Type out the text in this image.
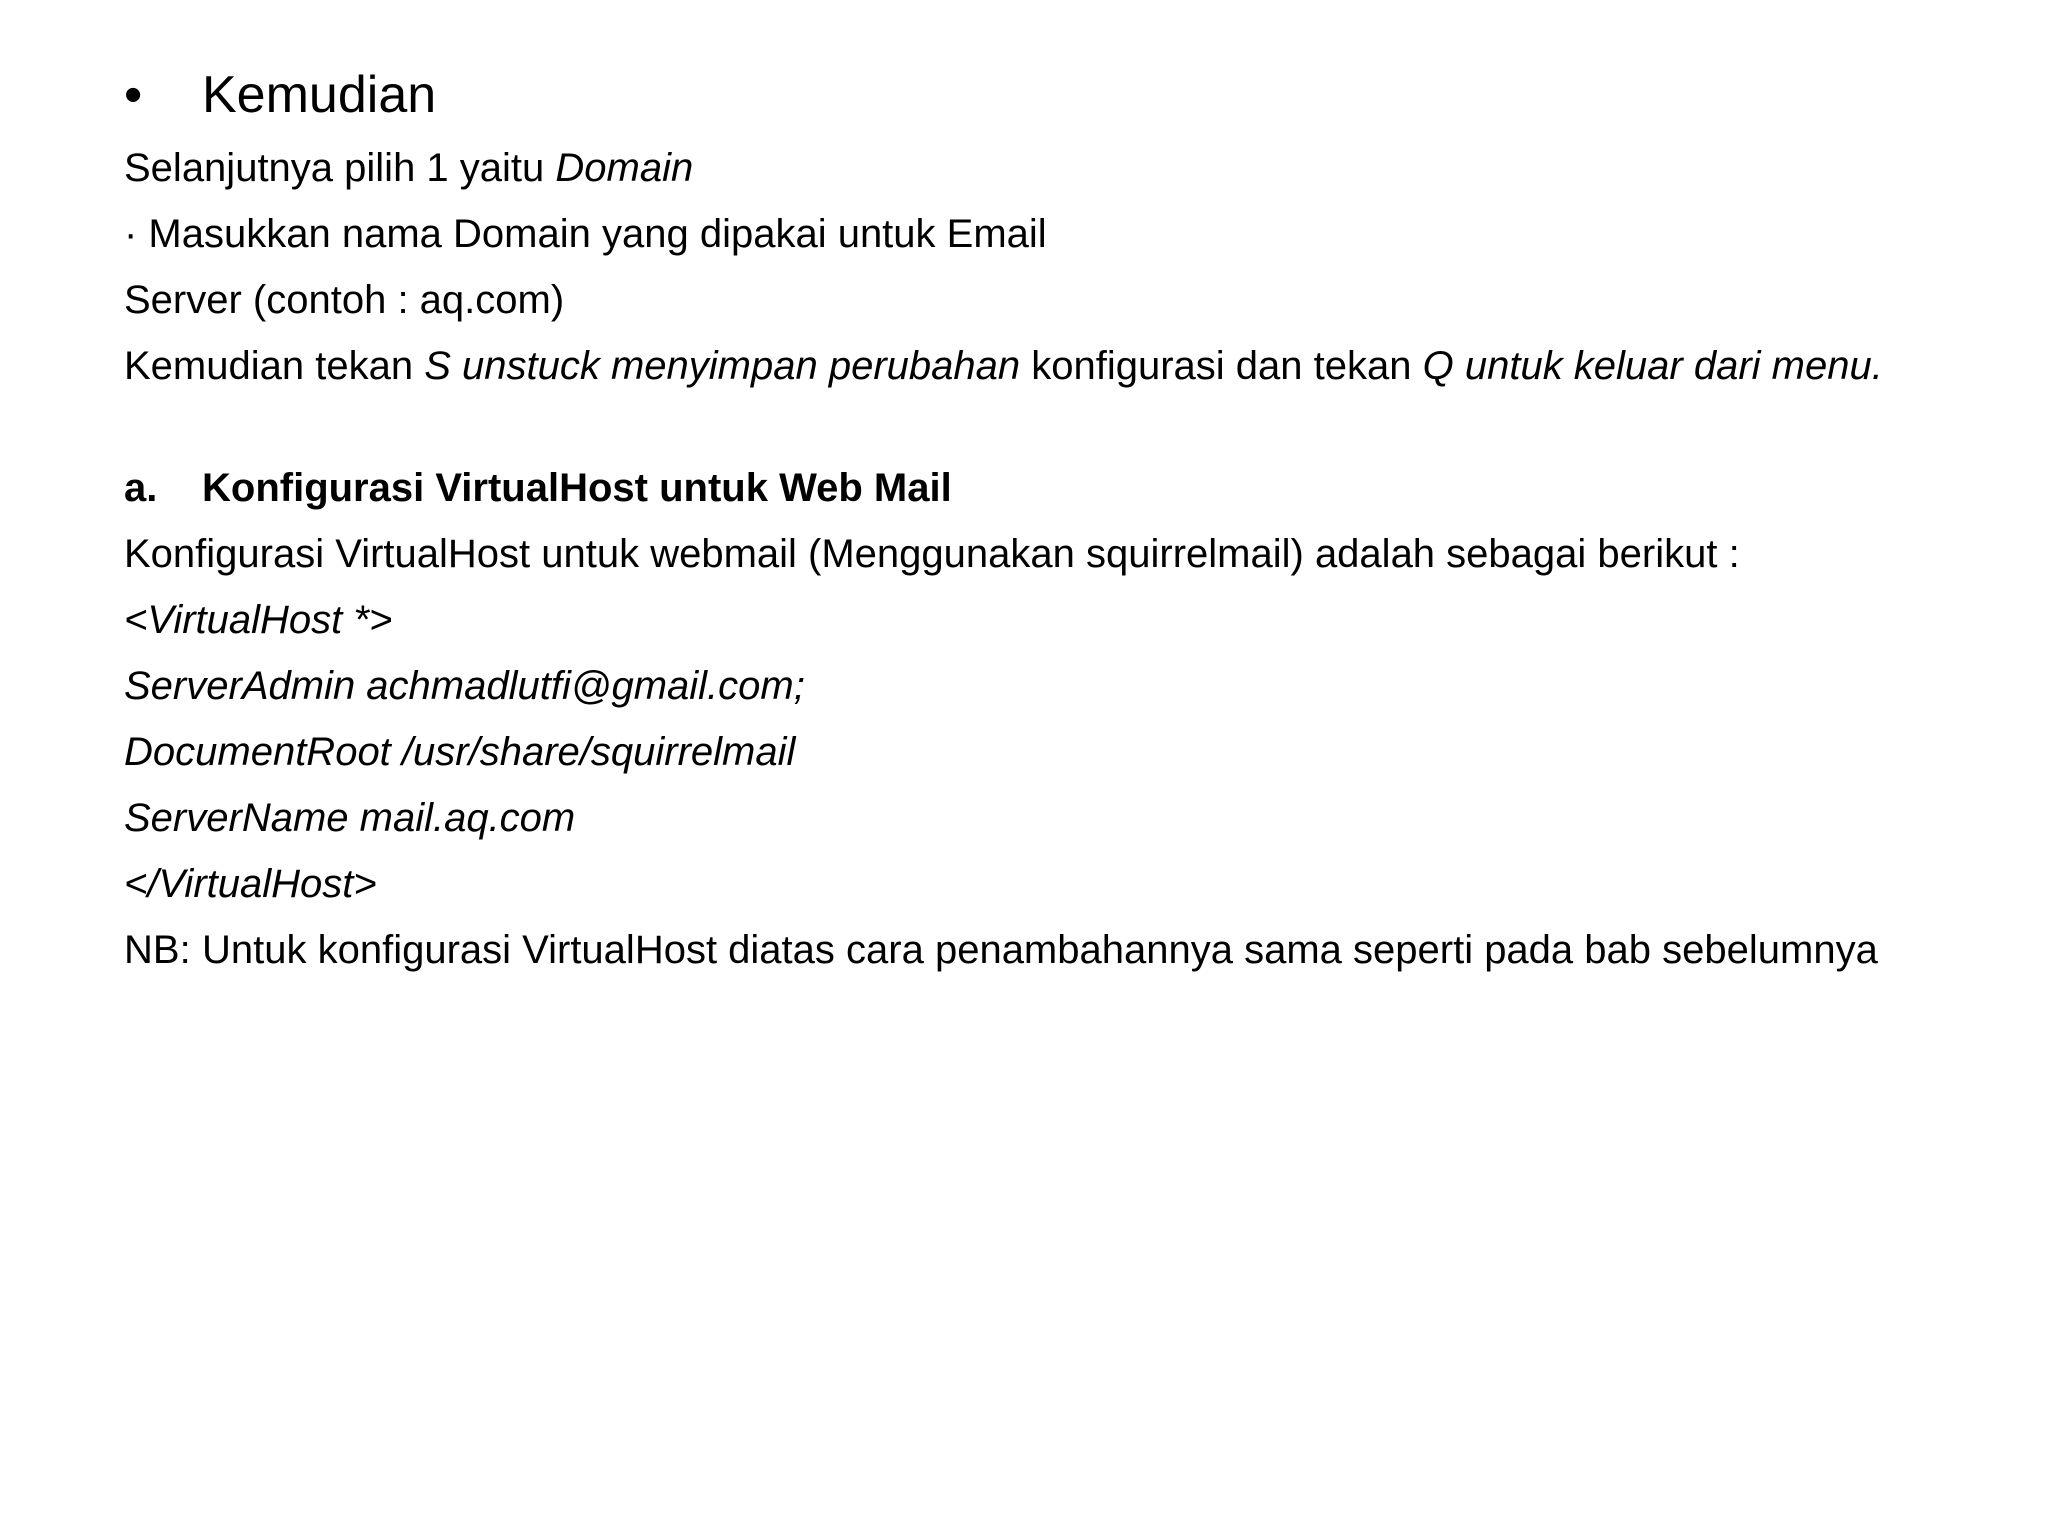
• Kemudian
Selanjutnya pilih 1 yaitu Domain
· Masukkan nama Domain yang dipakai untuk Email
Server (contoh : aq.com)
Kemudian tekan S unstuck menyimpan perubahan konfigurasi dan tekan Q untuk keluar dari menu.
a. Konfigurasi VirtualHost untuk Web Mail
Konfigurasi VirtualHost untuk webmail (Menggunakan squirrelmail) adalah sebagai berikut :
<VirtualHost *>
ServerAdmin achmadlutfi@gmail.com;
DocumentRoot /usr/share/squirrelmail
ServerName mail.aq.com
</VirtualHost>
NB: Untuk konfigurasi VirtualHost diatas cara penambahannya sama seperti pada bab sebelumnya
